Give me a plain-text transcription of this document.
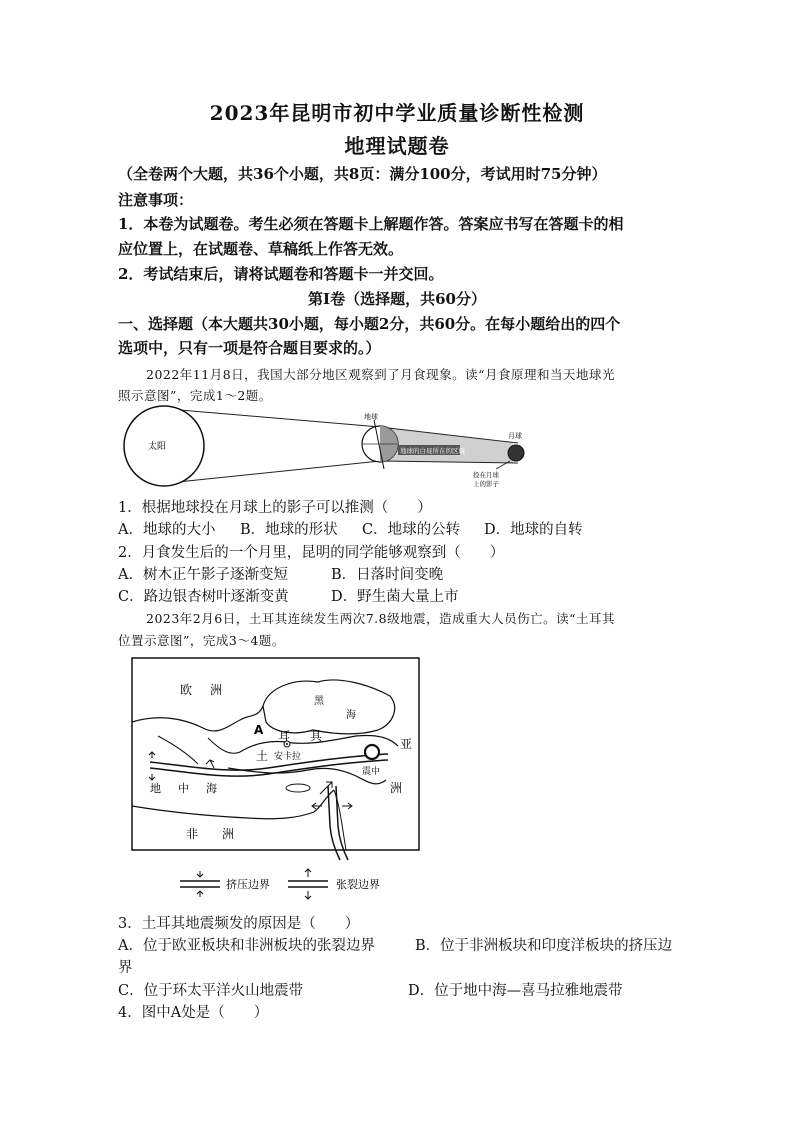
2023年昆明市初中学业质量诊断性检测
地理试题卷
（全卷两个大题，共36个小题，共8页：满分100分，考试用时75分钟）
注意事项：
1．本卷为试题卷。考生必须在答题卡上解题作答。答案应书写在答题卡的相
应位置上，在试题卷、草稿纸上作答无效。
2．考试结束后，请将试题卷和答题卡一并交回。
第Ⅰ卷（选择题，共60分）
一、选择题（本大题共30小题，每小题2分，共60分。在每小题给出的四个
选项中，只有一项是符合题目要求的。）
2022年11月8日，我国大部分地区观察到了月食现象。读“月食原理和当天地球光
照示意图”，完成1～2题。
太阳
地球
地球的白昼所在的区域
月球
投在月球
上的影子
1．根据地球投在月球上的影子可以推测（　　）
A．地球的大小 B．地球的形状 C．地球的公转 D．地球的自转
2．月食发生后的一个月里，昆明的同学能够观察到（　　）
A．树木正午影子逐渐变短	B．日落时间变晚
C．路边银杏树叶逐渐变黄	D．野生菌大量上市
2023年2月6日，土耳其连续发生两次7.8级地震，造成重大人员伤亡。读“土耳其
位置示意图”，完成3～4题。
欧 洲
黑
海
A
土
耳 其
安卡拉
亚
洲
震中
地 中 海
非 洲
挤压边界	张裂边界
3．土耳其地震频发的原因是（　　）
A．位于欧亚板块和非洲板块的张裂边界	B．位于非洲板块和印度洋板块的挤压边
界
C．位于环太平洋火山地震带	D．位于地中海—喜马拉雅地震带
4．图中A处是（　　）
